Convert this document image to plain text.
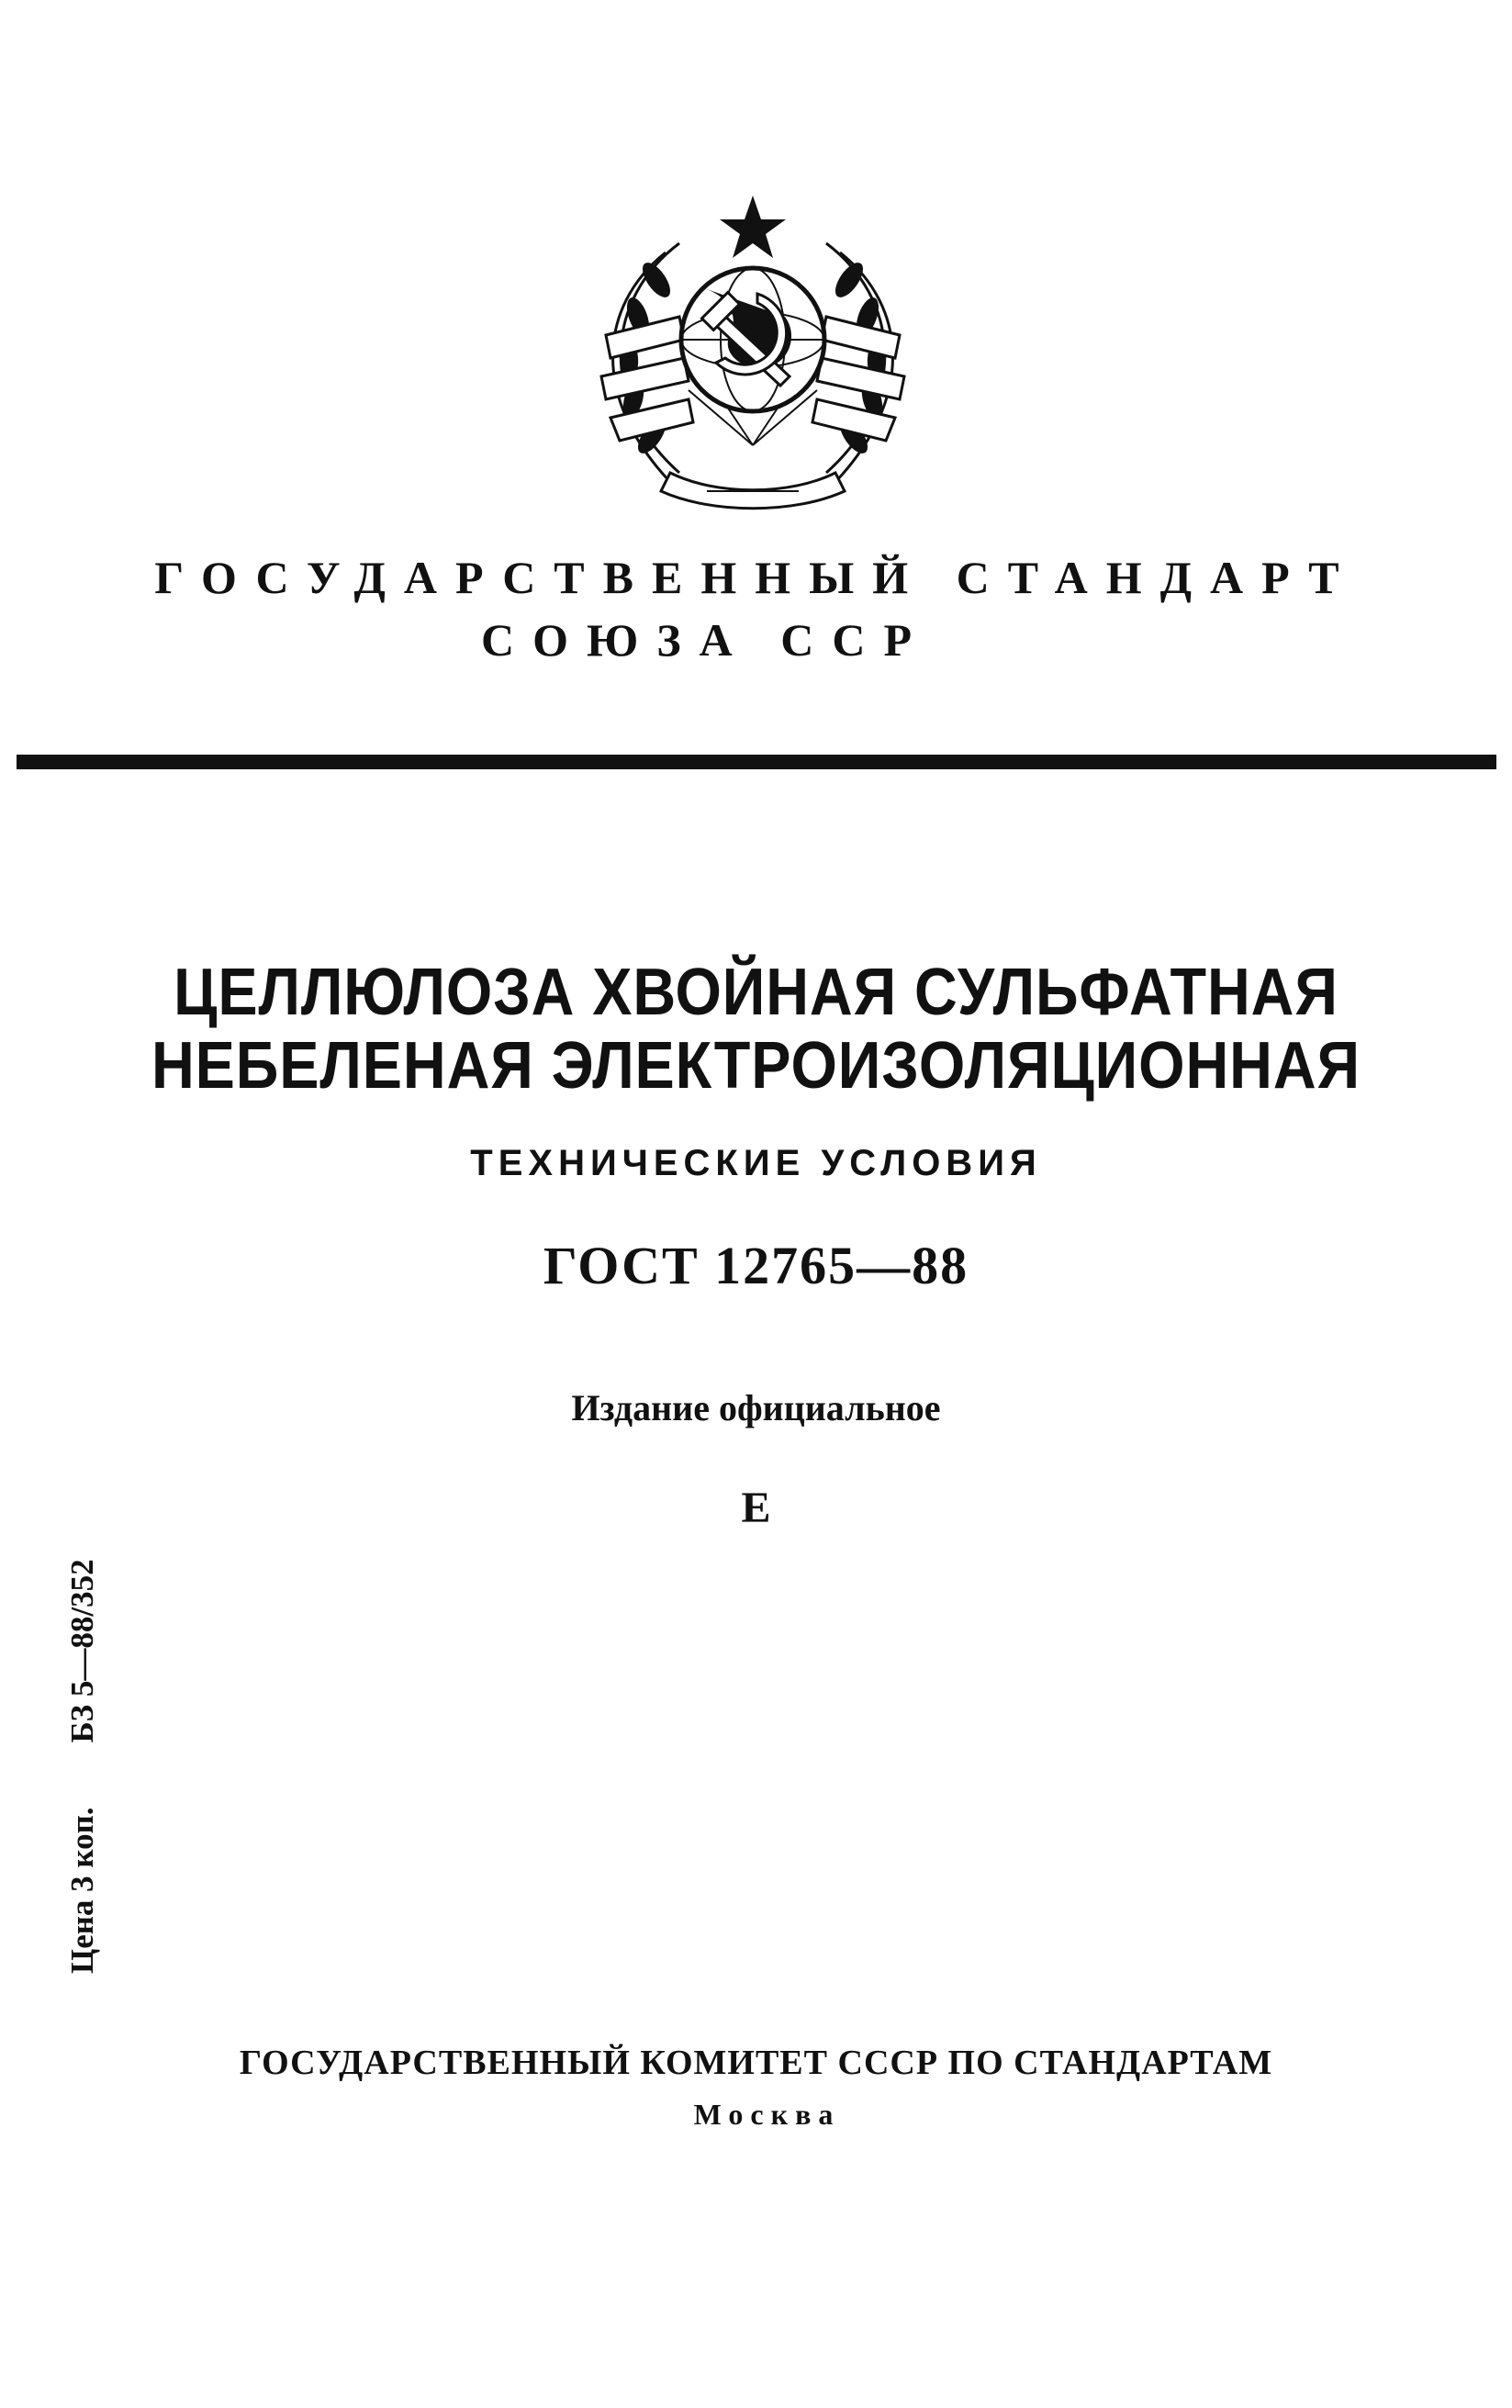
ГОСУДАРСТВЕННЫЙ СТАНДАРТ
СОЮЗА ССР
ЦЕЛЛЮЛОЗА ХВОЙНАЯ СУЛЬФАТНАЯ
НЕБЕЛЕНАЯ ЭЛЕКТРОИЗОЛЯЦИОННАЯ
ТЕХНИЧЕСКИЕ УСЛОВИЯ
ГОСТ 12765—88
Издание официальное
Е
Цена 3 коп.БЗ 5—88/352
ГОСУДАРСТВЕННЫЙ КОМИТЕТ СССР ПО СТАНДАРТАМ
Москва
